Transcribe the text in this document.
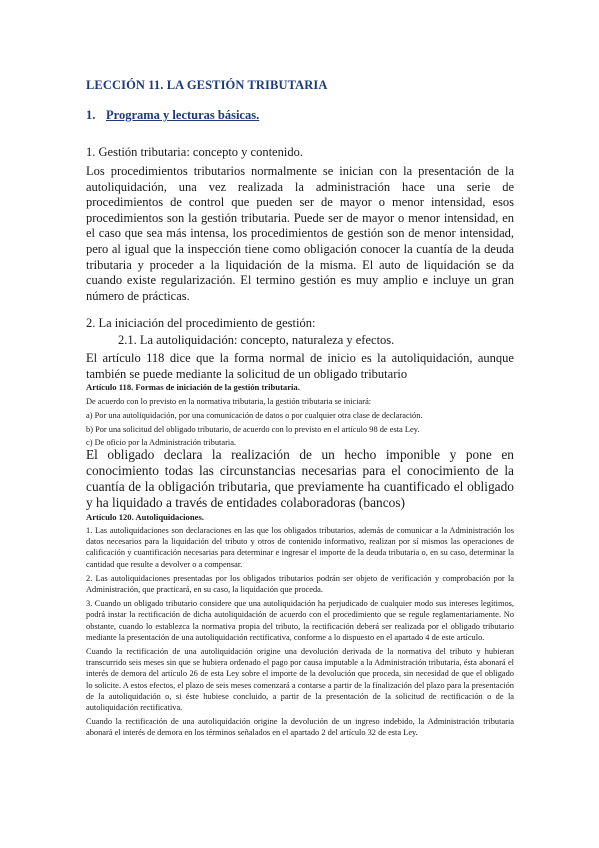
LECCIÓN 11. LA GESTIÓN TRIBUTARIA
1. Programa y lecturas básicas.
1. Gestión tributaria: concepto y contenido.
Los procedimientos tributarios normalmente se inician con la presentación de la autoliquidación, una vez realizada la administración hace una serie de procedimientos de control que pueden ser de mayor o menor intensidad, esos procedimientos son la gestión tributaria. Puede ser de mayor o menor intensidad, en el caso que sea más intensa, los procedimientos de gestión son de menor intensidad, pero al igual que la inspección tiene como obligación conocer la cuantía de la deuda tributaria y proceder a la liquidación de la misma. El auto de liquidación se da cuando existe regularización. El termino gestión es muy amplio e incluye un gran número de prácticas.
2. La iniciación del procedimiento de gestión:
2.1. La autoliquidación: concepto, naturaleza y efectos.
El artículo 118 dice que la forma normal de inicio es la autoliquidación, aunque también se puede mediante la solicitud de un obligado tributario
Artículo 118. Formas de iniciación de la gestión tributaria.

De acuerdo con lo previsto en la normativa tributaria, la gestión tributaria se iniciará:

a) Por una autoliquidación, por una comunicación de datos o por cualquier otra clase de declaración.

b) Por una solicitud del obligado tributario, de acuerdo con lo previsto en el artículo 98 de esta Ley.

c) De oficio por la Administración tributaria.

El obligado declara la realización de un hecho imponible y pone en conocimiento todas las circunstancias necesarias para el conocimiento de la cuantía de la obligación tributaria, que previamente ha cuantificado el obligado y ha liquidado a través de entidades colaboradoras (bancos)
Artículo 120. Autoliquidaciones.

1. Las autoliquidaciones son declaraciones en las que los obligados tributarios, además de comunicar a la Administración los datos necesarios para la liquidación del tributo y otros de contenido informativo, realizan por sí mismos las operaciones de calificación y cuantificación necesarias para determinar e ingresar el importe de la deuda tributaria o, en su caso, determinar la cantidad que resulte a devolver o a compensar.

2. Las autoliquidaciones presentadas por los obligados tributarios podrán ser objeto de verificación y comprobación por la Administración, que practicará, en su caso, la liquidación que proceda.

3. Cuando un obligado tributario considere que una autoliquidación ha perjudicado de cualquier modo sus intereses legítimos, podrá instar la rectificación de dicha autoliquidación de acuerdo con el procedimiento que se regule reglamentariamente. No obstante, cuando lo establezca la normativa propia del tributo, la rectificación deberá ser realizada por el obligado tributario mediante la presentación de una autoliquidación rectificativa, conforme a lo dispuesto en el apartado 4 de este artículo.

Cuando la rectificación de una autoliquidación origine una devolución derivada de la normativa del tributo y hubieran transcurrido seis meses sin que se hubiera ordenado el pago por causa imputable a la Administración tributaria, ésta abonará el interés de demora del artículo 26 de esta Ley sobre el importe de la devolución que proceda, sin necesidad de que el obligado lo solicite. A estos efectos, el plazo de seis meses comenzará a contarse a partir de la finalización del plazo para la presentación de la autoliquidación o, si éste hubiese concluido, a partir de la presentación de la solicitud de rectificación o de la autoliquidación rectificativa.

Cuando la rectificación de una autoliquidación origine la devolución de un ingreso indebido, la Administración tributaria abonará el interés de demora en los términos señalados en el apartado 2 del artículo 32 de esta Ley.
